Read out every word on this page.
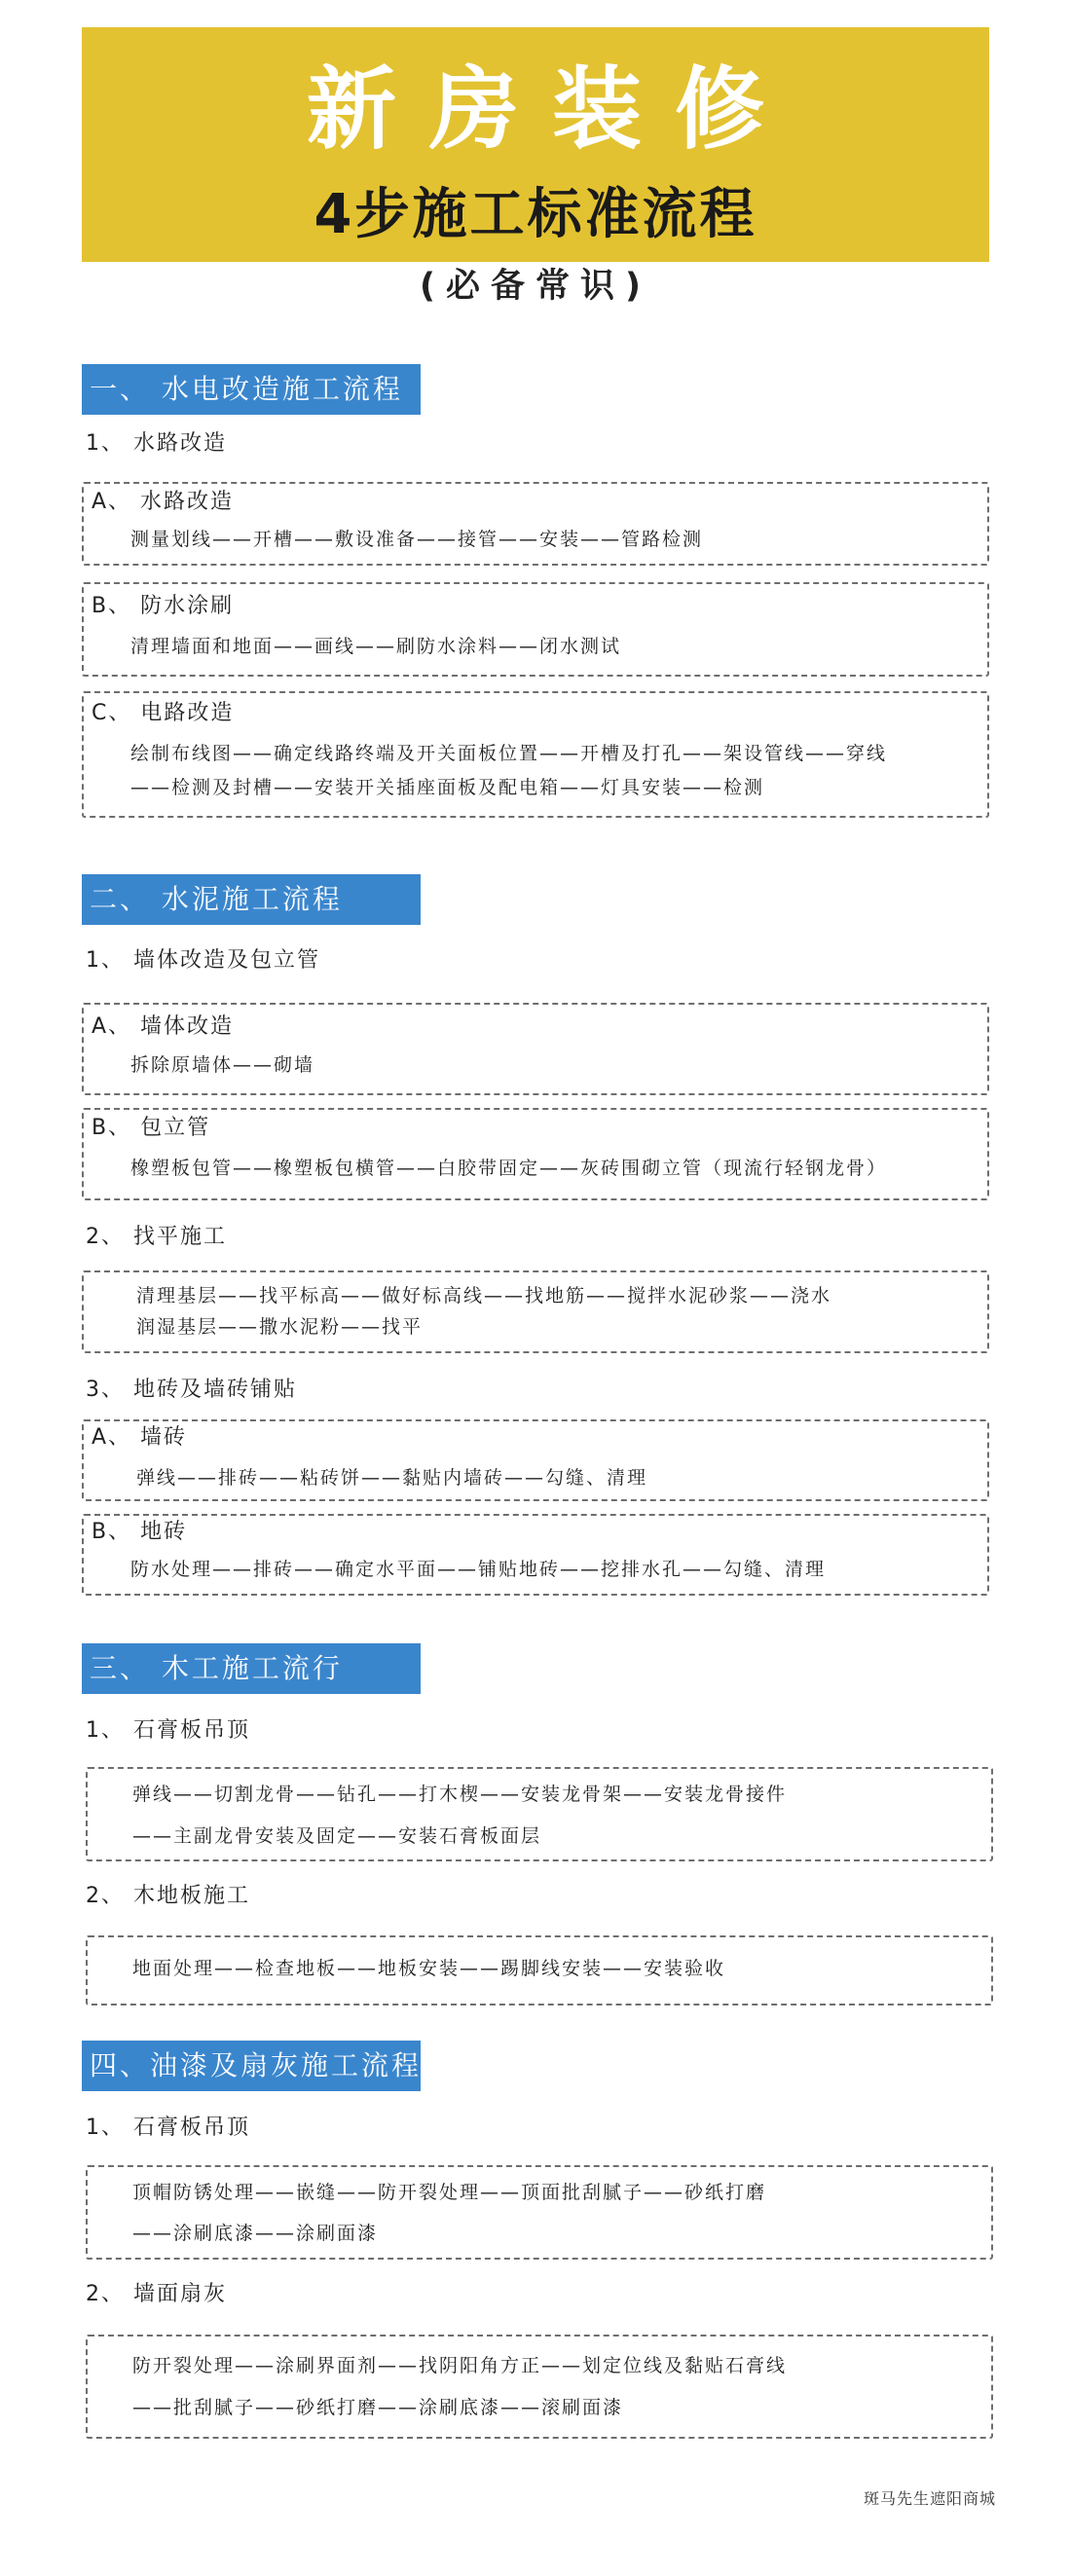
新房装修
4步施工标准流程
(必备常识)
一、 水电改造施工流程
1、 水路改造
A、 水路改造
测量划线——开槽——敷设准备——接管——安装——管路检测
B、 防水涂刷
清理墙面和地面——画线——刷防水涂料——闭水测试
C、 电路改造
绘制布线图——确定线路终端及开关面板位置——开槽及打孔——架设管线——穿线
——检测及封槽——安装开关插座面板及配电箱——灯具安装——检测
二、 水泥施工流程
1、 墙体改造及包立管
A、 墙体改造
拆除原墙体——砌墙
B、 包立管
橡塑板包管——橡塑板包横管——白胶带固定——灰砖围砌立管（现流行轻钢龙骨）
2、 找平施工
清理基层——找平标高——做好标高线——找地筋——搅拌水泥砂浆——浇水
润湿基层——撒水泥粉——找平
3、 地砖及墙砖铺贴
A、 墙砖
弹线——排砖——粘砖饼——黏贴内墙砖——勾缝、清理
B、 地砖
防水处理——排砖——确定水平面——铺贴地砖——挖排水孔——勾缝、清理
三、 木工施工流行
1、 石膏板吊顶
弹线——切割龙骨——钻孔——打木楔——安装龙骨架——安装龙骨接件
——主副龙骨安装及固定——安装石膏板面层
2、 木地板施工
地面处理——检查地板——地板安装——踢脚线安装——安装验收
四、油漆及扇灰施工流程
1、 石膏板吊顶
顶帽防锈处理——嵌缝——防开裂处理——顶面批刮腻子——砂纸打磨
——涂刷底漆——涂刷面漆
2、 墙面扇灰
防开裂处理——涂刷界面剂——找阴阳角方正——划定位线及黏贴石膏线
——批刮腻子——砂纸打磨——涂刷底漆——滚刷面漆
斑马先生遮阳商城
